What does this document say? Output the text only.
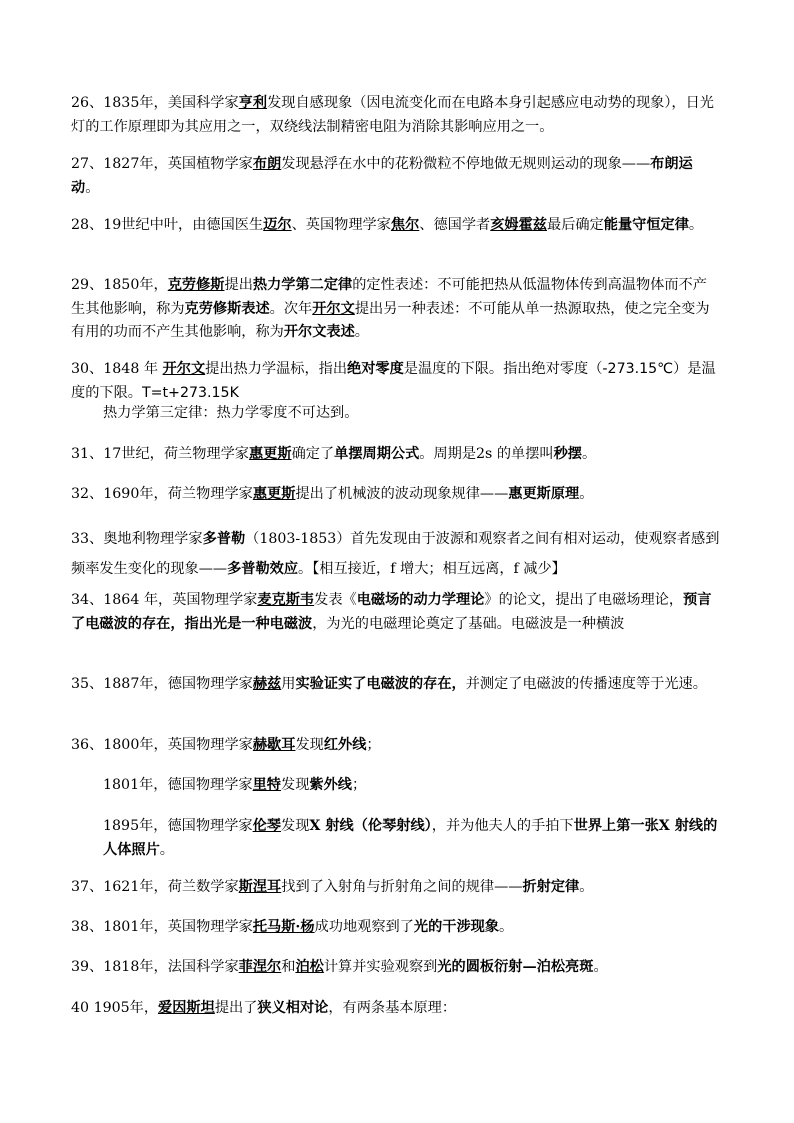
26、1835年，美国科学家亨利发现自感现象（因电流变化而在电路本身引起感应电动势的现象），日光灯的工作原理即为其应用之一，双绕线法制精密电阻为消除其影响应用之一。

27、1827年，英国植物学家布朗发现悬浮在水中的花粉微粒不停地做无规则运动的现象——布朗运动。

28、19世纪中叶，由德国医生迈尔、英国物理学家焦尔、德国学者亥姆霍兹最后确定能量守恒定律。

29、1850年，克劳修斯提出热力学第二定律的定性表述：不可能把热从低温物体传到高温物体而不产生其他影响，称为克劳修斯表述。次年开尔文提出另一种表述：不可能从单一热源取热，使之完全变为有用的功而不产生其他影响，称为开尔文表述。

30、1848 年 开尔文提出热力学温标，指出绝对零度是温度的下限。指出绝对零度（-273.15℃）是温度的下限。T=t+273.15K

热力学第三定律：热力学零度不可达到。

31、17世纪，荷兰物理学家惠更斯确定了单摆周期公式。周期是2s 的单摆叫秒摆。

32、1690年，荷兰物理学家惠更斯提出了机械波的波动现象规律——惠更斯原理。

33、奥地利物理学家多普勒（1803-1853）首先发现由于波源和观察者之间有相对运动，使观察者感到频率发生变化的现象——多普勒效应。【相互接近，f 增大；相互远离，f 减少】

34、1864 年，英国物理学家麦克斯韦发表《电磁场的动力学理论》的论文，提出了电磁场理论，预言了电磁波的存在，指出光是一种电磁波，为光的电磁理论奠定了基础。电磁波是一种横波

35、1887年，德国物理学家赫兹用实验证实了电磁波的存在，并测定了电磁波的传播速度等于光速。

36、1800年，英国物理学家赫歇耳发现红外线；

1801年，德国物理学家里特发现紫外线；

1895年，德国物理学家伦琴发现X 射线（伦琴射线），并为他夫人的手拍下世界上第一张X 射线的人体照片。

37、1621年，荷兰数学家斯涅耳找到了入射角与折射角之间的规律——折射定律。

38、1801年，英国物理学家托马斯·杨成功地观察到了光的干涉现象。

39、1818年，法国科学家菲涅尔和泊松计算并实验观察到光的圆板衍射—泊松亮斑。

40 1905年，爱因斯坦提出了狭义相对论，有两条基本原理：
